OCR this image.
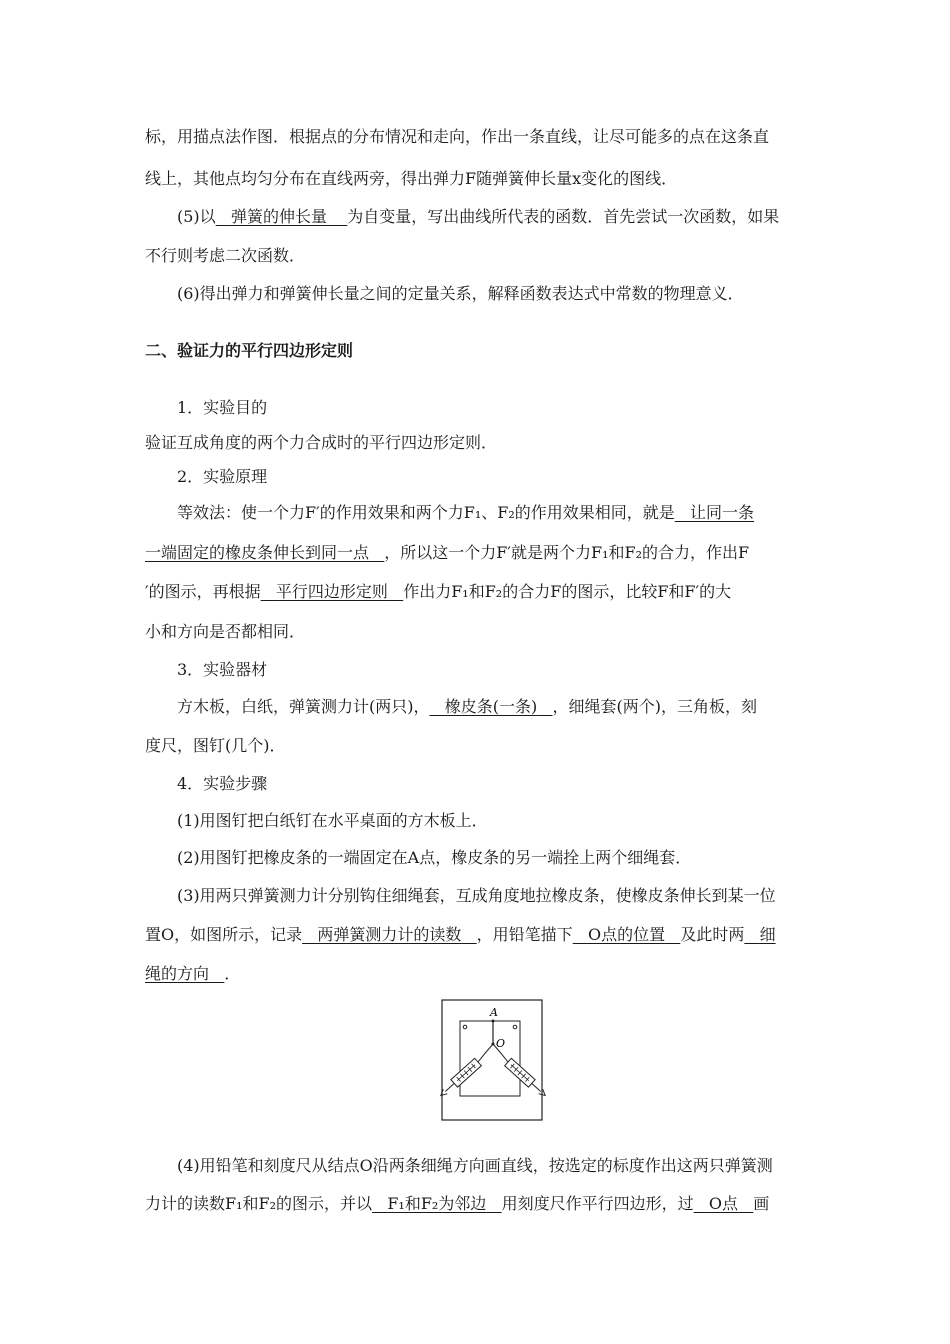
标，用描点法作图．根据点的分布情况和走向，作出一条直线，让尽可能多的点在这条直
线上，其他点均匀分布在直线两旁，得出弹力F随弹簧伸长量x变化的图线．
(5)以 弹簧的伸长量 为自变量，写出曲线所代表的函数．首先尝试一次函数，如果
不行则考虑二次函数．
(6)得出弹力和弹簧伸长量之间的定量关系，解释函数表达式中常数的物理意义．
二、验证力的平行四边形定则
1．实验目的
验证互成角度的两个力合成时的平行四边形定则．
2．实验原理
等效法：使一个力F′的作用效果和两个力F₁、F₂的作用效果相同，就是 让同一条
一端固定的橡皮条伸长到同一点 ，所以这一个力F′就是两个力F₁和F₂的合力，作出F
′的图示，再根据 平行四边形定则 作出力F₁和F₂的合力F的图示，比较F和F′的大
小和方向是否都相同．
3．实验器材
方木板，白纸，弹簧测力计(两只)， 橡皮条(一条) ，细绳套(两个)，三角板，刻
度尺，图钉(几个)．
4．实验步骤
(1)用图钉把白纸钉在水平桌面的方木板上．
(2)用图钉把橡皮条的一端固定在A点，橡皮条的另一端拴上两个细绳套．
(3)用两只弹簧测力计分别钩住细绳套，互成角度地拉橡皮条，使橡皮条伸长到某一位
置O，如图所示，记录 两弹簧测力计的读数 ，用铅笔描下 O点的位置 及此时两 细
绳的方向 ．
A
O
(4)用铅笔和刻度尺从结点O沿两条细绳方向画直线，按选定的标度作出这两只弹簧测
力计的读数F₁和F₂的图示，并以 F₁和F₂为邻边 用刻度尺作平行四边形，过 O点 画
